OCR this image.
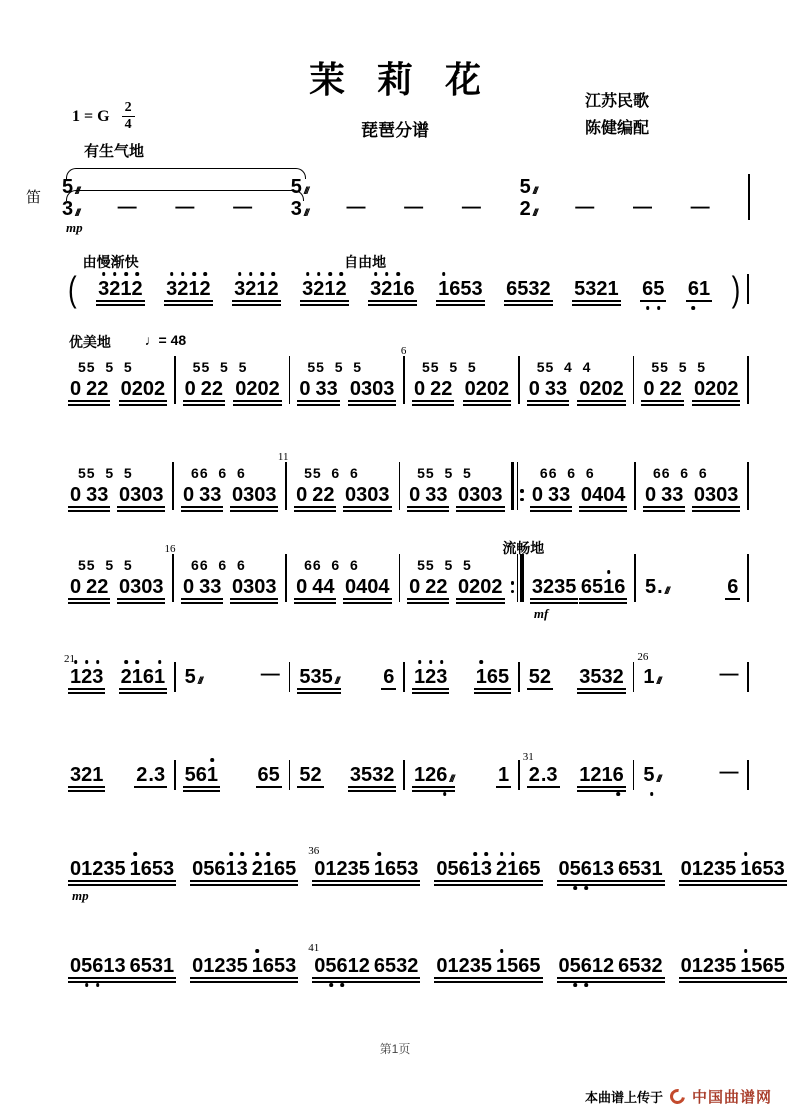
茉莉花
琵琶分谱
江苏民歌
陈健编配
1 = G $\frac{2}{4}$
有生气地
笛 5 ///
3 /// — — —
5 ///
3 /// — — —
5 ///
2 /// — — —
mp
由慢渐快	自由地
( 3 2 1 2 3 2 1 2 3 2 1 2 3 2 1 2 3 2 1 6 1 6 5 3 6 5 3 2 5 3 2 1 6 5 6 1 )
优美地 ♩= 48
55  5  5
0 2 2 0 2 0 2
55  5  5
0 2 2 0 2 0 2
55  5  5
0 3 3 0 3 0 3
6
55  5  5
0 2 2 0 2 0 2
55  4  4
0 3 3 0 2 0 2
55  5  5
0 2 2 0 2 0 2
55  5  5
0 3 3 0 3 0 3
66  6  6
0 3 3 0 3 0 3
11
55  6  6
0 2 2 0 3 0 3
55  5  5
0 3 3 0 3 0 3
66  6  6
0 3 3 0 4 0 4
66  6  6
0 3 3 0 3 0 3
流畅地
55  5  5
0 2 2 0 3 0 3
16
66  6  6
0 3 3 0 3 0 3
66  6  6
0 4 4 0 4 0 4
55  5  5
0 2 2 0 2 0 2 3 2 3 5 6 5 1 6
mf
5. ///	6
1 2 3 2 1 6 1
21
5 ///	— 5 3 5 /// 6 1 2 3 1 6 5 5 2 3 5 3 2 1 ///	—
26
3 2 1 2. 3 5 6 1 6 5 5 2 3 5 3 2 1 2 6 /// 1 2. 3 1 2 1 6
31
5 ///	—
0 1 2 3 5 1 6 5 3
mp
0 5 6 1 3 2 1 6 5 0 1 2 3 5 1 6 5 3
36
0 5 6 1 3 2 1 6 5 0 5 6 1 3 6 5 3 1 0 1 2 3 5 1 6 5 3
0 5 6 1 3 6 5 3 1 0 1 2 3 5 1 6 5 3 0 5 6 1 2 6 5 3 2
41
0 1 2 3 5 1 5 6 5 0 5 6 1 2 6 5 3 2 0 1 2 3 5 1 5 6 5
第1页
本曲谱上传于 中国曲谱网
